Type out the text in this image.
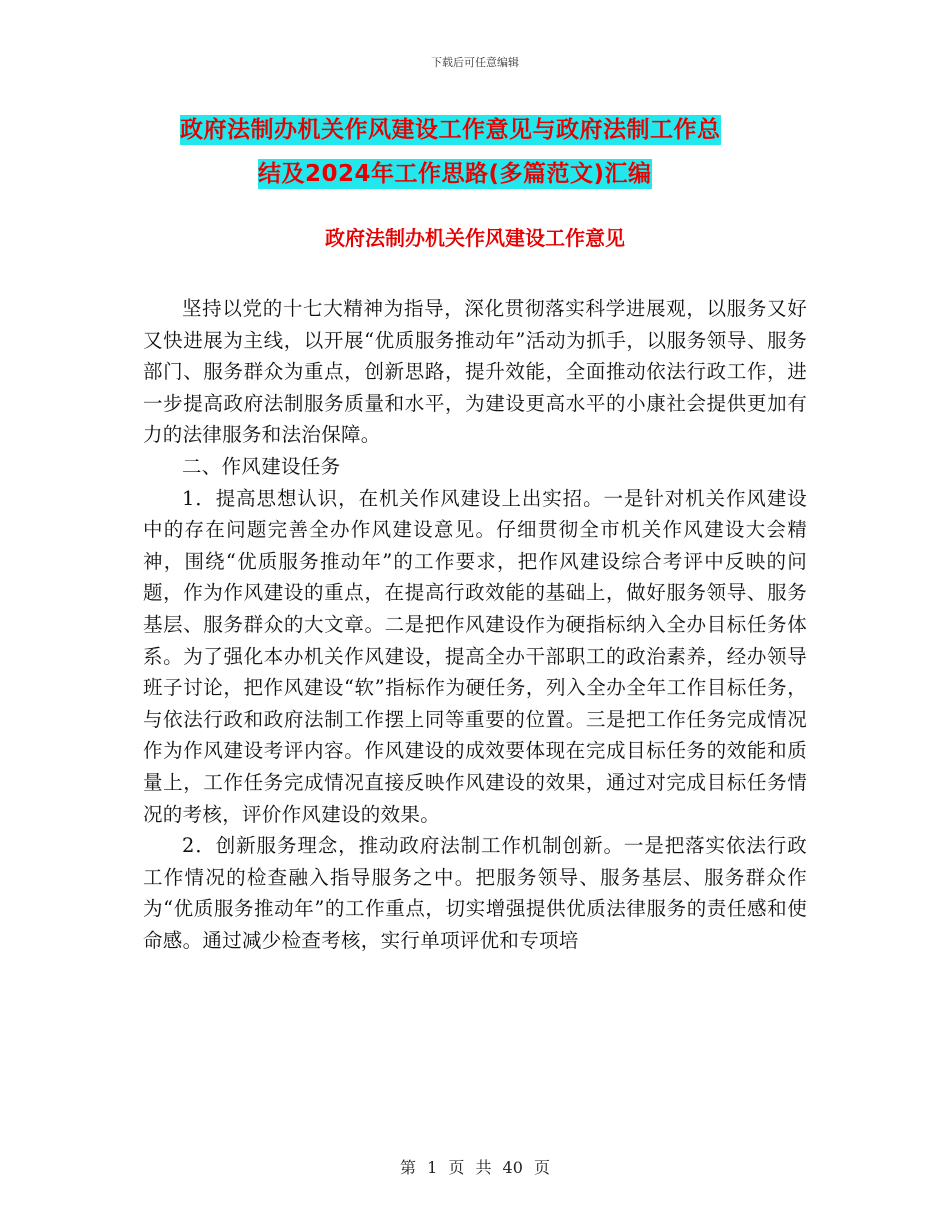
下载后可任意编辑
政府法制办机关作风建设工作意见与政府法制工作总
结及2024年工作思路(多篇范文)汇编
政府法制办机关作风建设工作意见

坚持以党的十七大精神为指导，深化贯彻落实科学进展观，以服务又好又快进展为主线，以开展“优质服务推动年”活动为抓手，以服务领导、服务部门、服务群众为重点，创新思路，提升效能，全面推动依法行政工作，进一步提高政府法制服务质量和水平，为建设更高水平的小康社会提供更加有力的法律服务和法治保障。

二、作风建设任务

1．提高思想认识，在机关作风建设上出实招。一是针对机关作风建设中的存在问题完善全办作风建设意见。仔细贯彻全市机关作风建设大会精神，围绕“优质服务推动年”的工作要求，把作风建设综合考评中反映的问题，作为作风建设的重点，在提高行政效能的基础上，做好服务领导、服务基层、服务群众的大文章。二是把作风建设作为硬指标纳入全办目标任务体系。为了强化本办机关作风建设，提高全办干部职工的政治素养，经办领导班子讨论，把作风建设“软”指标作为硬任务，列入全办全年工作目标任务，与依法行政和政府法制工作摆上同等重要的位置。三是把工作任务完成情况作为作风建设考评内容。作风建设的成效要体现在完成目标任务的效能和质量上，工作任务完成情况直接反映作风建设的效果，通过对完成目标任务情况的考核，评价作风建设的效果。

2．创新服务理念，推动政府法制工作机制创新。一是把落实依法行政工作情况的检查融入指导服务之中。把服务领导、服务基层、服务群众作为“优质服务推动年”的工作重点，切实增强提供优质法律服务的责任感和使命感。通过减少检查考核，实行单项评优和专项培

第 1 页 共 40 页
